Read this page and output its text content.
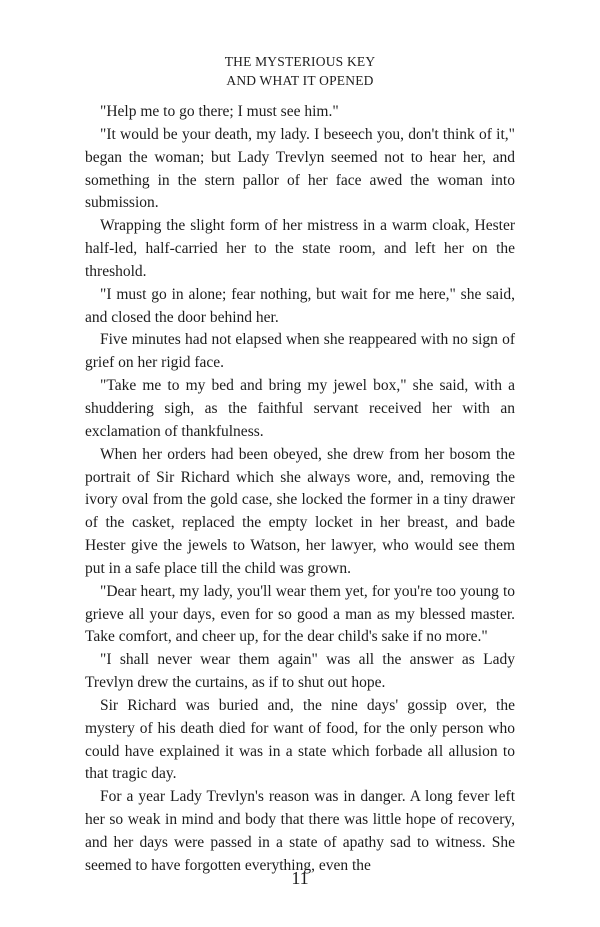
THE MYSTERIOUS KEY
AND WHAT IT OPENED

"Help me to go there; I must see him."

"It would be your death, my lady. I beseech you, don't think of it," began the woman; but Lady Trevlyn seemed not to hear her, and something in the stern pallor of her face awed the woman into submission.

Wrapping the slight form of her mistress in a warm cloak, Hester half-led, half-carried her to the state room, and left her on the threshold.

"I must go in alone; fear nothing, but wait for me here," she said, and closed the door behind her.

Five minutes had not elapsed when she reappeared with no sign of grief on her rigid face.

"Take me to my bed and bring my jewel box," she said, with a shuddering sigh, as the faithful servant received her with an exclamation of thankfulness.

When her orders had been obeyed, she drew from her bosom the portrait of Sir Richard which she always wore, and, removing the ivory oval from the gold case, she locked the former in a tiny drawer of the casket, replaced the empty locket in her breast, and bade Hester give the jewels to Watson, her lawyer, who would see them put in a safe place till the child was grown.

"Dear heart, my lady, you'll wear them yet, for you're too young to grieve all your days, even for so good a man as my blessed master. Take comfort, and cheer up, for the dear child's sake if no more."

"I shall never wear them again" was all the answer as Lady Trevlyn drew the curtains, as if to shut out hope.

Sir Richard was buried and, the nine days' gossip over, the mystery of his death died for want of food, for the only person who could have explained it was in a state which forbade all allusion to that tragic day.

For a year Lady Trevlyn's reason was in danger. A long fever left her so weak in mind and body that there was little hope of recovery, and her days were passed in a state of apathy sad to witness. She seemed to have forgotten everything, even the

11
